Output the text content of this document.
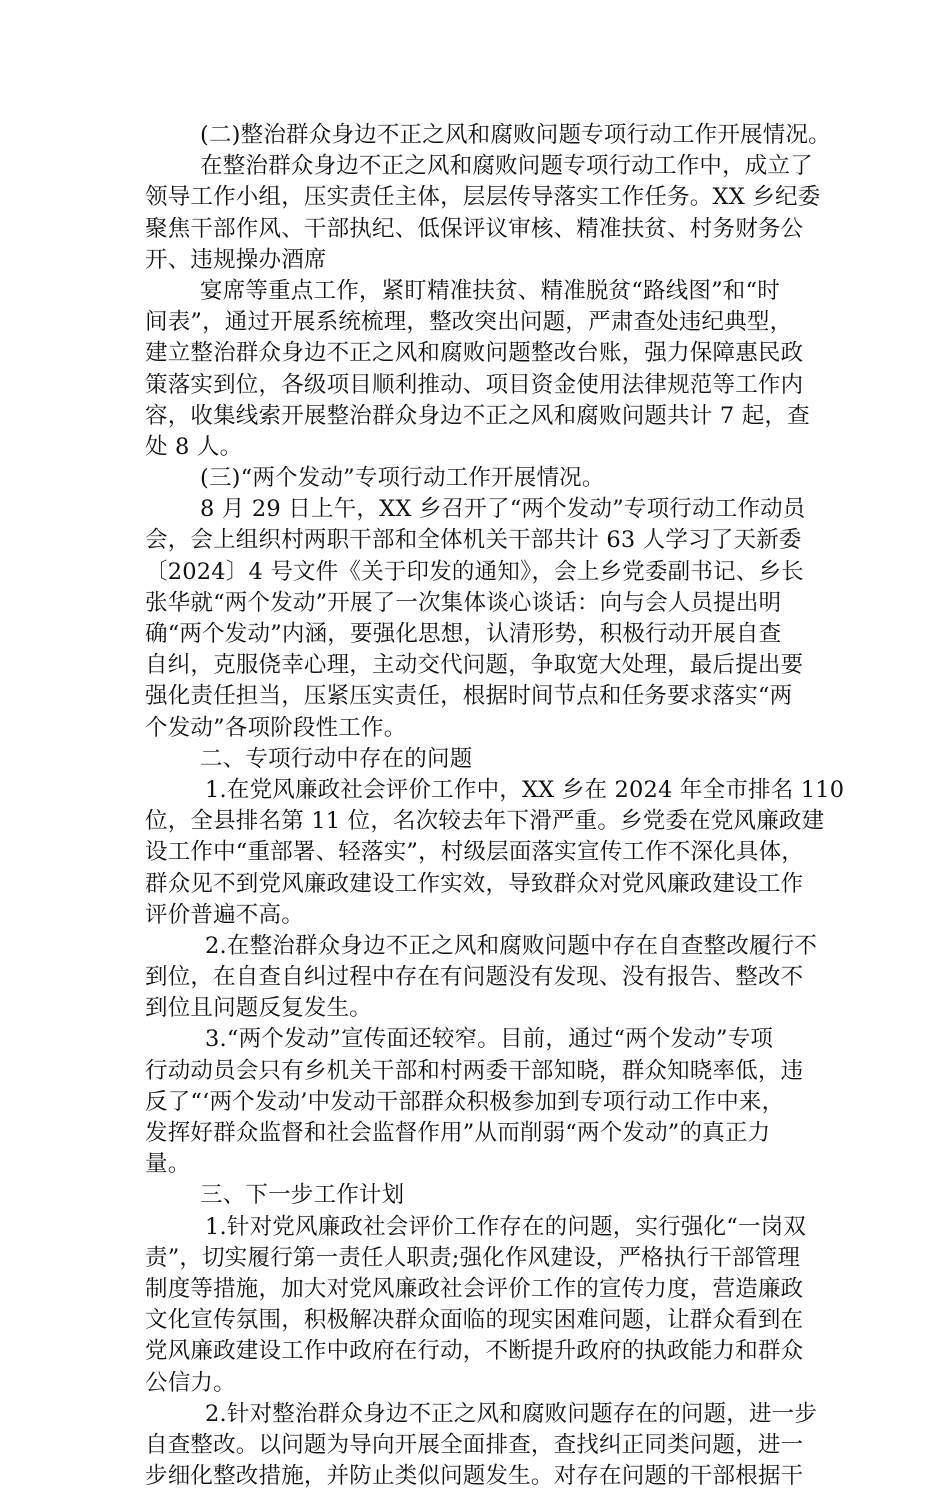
(二)整治群众身边不正之风和腐败问题专项行动工作开展情况。
在整治群众身边不正之风和腐败问题专项行动工作中，成立了
领导工作小组，压实责任主体，层层传导落实工作任务。XX 乡纪委
聚焦干部作风、干部执纪、低保评议审核、精准扶贫、村务财务公
开、违规操办酒席
宴席等重点工作，紧盯精准扶贫、精准脱贫“路线图”和“时
间表”，通过开展系统梳理，整改突出问题，严肃查处违纪典型，
建立整治群众身边不正之风和腐败问题整改台账，强力保障惠民政
策落实到位，各级项目顺利推动、项目资金使用法律规范等工作内
容，收集线索开展整治群众身边不正之风和腐败问题共计 7 起，查
处 8 人。
(三)“两个发动”专项行动工作开展情况。
8 月 29 日上午，XX 乡召开了“两个发动”专项行动工作动员
会，会上组织村两职干部和全体机关干部共计 63 人学习了天新委
〔2024〕4 号文件《关于印发的通知》，会上乡党委副书记、乡长
张华就“两个发动”开展了一次集体谈心谈话：向与会人员提出明
确“两个发动”内涵，要强化思想，认清形势，积极行动开展自查
自纠，克服侥幸心理，主动交代问题，争取宽大处理，最后提出要
强化责任担当，压紧压实责任，根据时间节点和任务要求落实“两
个发动”各项阶段性工作。
二、专项行动中存在的问题
1.在党风廉政社会评价工作中，XX 乡在 2024 年全市排名 110
位，全县排名第 11 位，名次较去年下滑严重。乡党委在党风廉政建
设工作中“重部署、轻落实”，村级层面落实宣传工作不深化具体，
群众见不到党风廉政建设工作实效，导致群众对党风廉政建设工作
评价普遍不高。
2.在整治群众身边不正之风和腐败问题中存在自查整改履行不
到位，在自查自纠过程中存在有问题没有发现、没有报告、整改不
到位且问题反复发生。
3.“两个发动”宣传面还较窄。目前，通过“两个发动”专项
行动动员会只有乡机关干部和村两委干部知晓，群众知晓率低，违
反了“‘两个发动’中发动干部群众积极参加到专项行动工作中来，
发挥好群众监督和社会监督作用”从而削弱“两个发动”的真正力
量。
三、下一步工作计划
1.针对党风廉政社会评价工作存在的问题，实行强化“一岗双
责”，切实履行第一责任人职责;强化作风建设，严格执行干部管理
制度等措施，加大对党风廉政社会评价工作的宣传力度，营造廉政
文化宣传氛围，积极解决群众面临的现实困难问题，让群众看到在
党风廉政建设工作中政府在行动，不断提升政府的执政能力和群众
公信力。
2.针对整治群众身边不正之风和腐败问题存在的问题，进一步
自查整改。以问题为导向开展全面排查，查找纠正同类问题，进一
步细化整改措施，并防止类似问题发生。对存在问题的干部根据干
